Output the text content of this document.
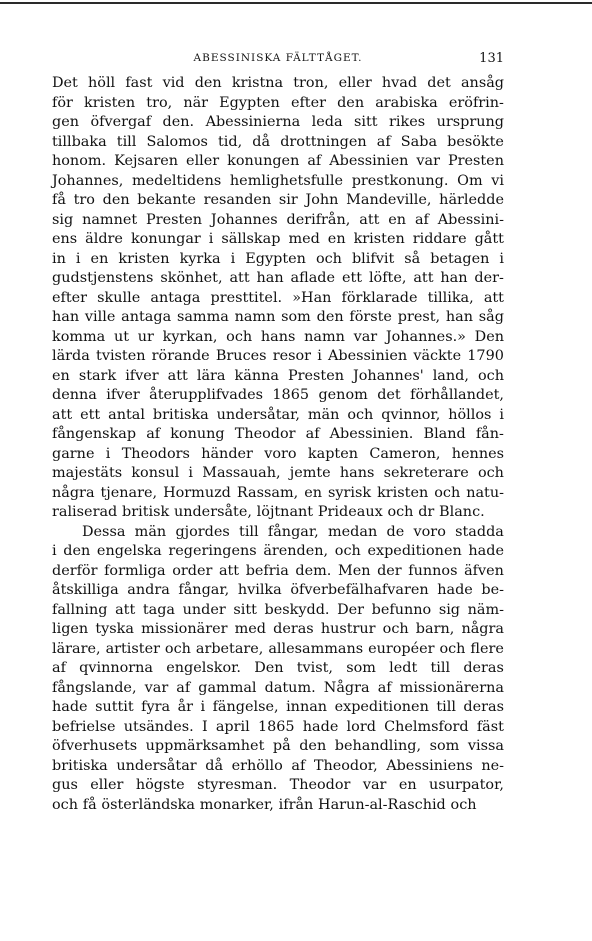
ABESSINISKA FÄLTTÅGET.	131
Det höll fast vid den kristna tron, eller hvad det ansåg
för kristen tro, när Egypten efter den arabiska eröfrin-
gen öfvergaf den. Abessinierna leda sitt rikes ursprung
tillbaka till Salomos tid, då drottningen af Saba besökte
honom. Kejsaren eller konungen af Abessinien var Presten
Johannes, medeltidens hemlighetsfulle prestkonung. Om vi
få tro den bekante resanden sir John Mandeville, härledde
sig namnet Presten Johannes derifrån, att en af Abessini-
ens äldre konungar i sällskap med en kristen riddare gått
in i en kristen kyrka i Egypten och blifvit så betagen i
gudstjenstens skönhet, att han aflade ett löfte, att han der-
efter skulle antaga presttitel. »Han förklarade tillika, att
han ville antaga samma namn som den förste prest, han såg
komma ut ur kyrkan, och hans namn var Johannes.» Den
lärda tvisten rörande Bruces resor i Abessinien väckte 1790
en stark ifver att lära känna Presten Johannes' land, och
denna ifver återupplifvades 1865 genom det förhållandet,
att ett antal britiska undersåtar, män och qvinnor, höllos i
fångenskap af konung Theodor af Abessinien. Bland fån-
garne i Theodors händer voro kapten Cameron, hennes
majestäts konsul i Massauah, jemte hans sekreterare och
några tjenare, Hormuzd Rassam, en syrisk kristen och natu-
raliserad britisk undersåte, löjtnant Prideaux och dr Blanc.
Dessa män gjordes till fångar, medan de voro stadda
i den engelska regeringens ärenden, och expeditionen hade
derför formliga order att befria dem. Men der funnos äfven
åtskilliga andra fångar, hvilka öfverbefälhafvaren hade be-
fallning att taga under sitt beskydd. Der befunno sig näm-
ligen tyska missionärer med deras hustrur och barn, några
lärare, artister och arbetare, allesammans européer och flere
af qvinnorna engelskor. Den tvist, som ledt till deras
fångslande, var af gammal datum. Några af missionärerna
hade suttit fyra år i fängelse, innan expeditionen till deras
befrielse utsändes. I april 1865 hade lord Chelmsford fäst
öfverhusets uppmärksamhet på den behandling, som vissa
britiska undersåtar då erhöllo af Theodor, Abessiniens ne-
gus eller högste styresman. Theodor var en usurpator,
och få österländska monarker, ifrån Harun-al-Raschid och
